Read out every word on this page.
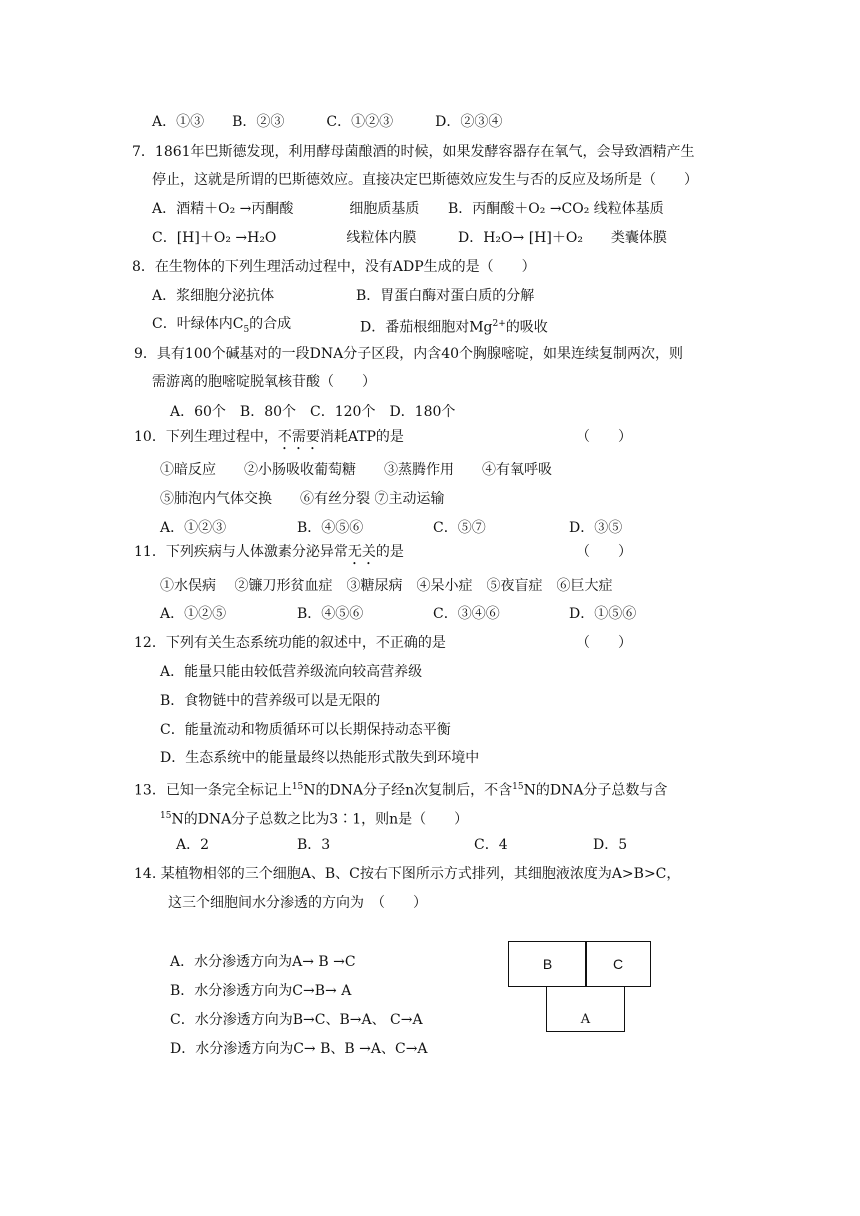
A．①③　　B．②③　　　C．①②③　　　D．②③④
7．1861年巴斯德发现，利用酵母菌酿酒的时候，如果发酵容器存在氧气，会导致酒精产生
停止，这就是所谓的巴斯德效应。直接决定巴斯德效应发生与否的反应及场所是（　　）
A．酒精＋O₂ →丙酮酸　　　　细胞质基质 B．丙酮酸＋O₂ →CO₂ 线粒体基质
C．[H]＋O₂ →H₂O　　　　　线粒体内膜	D．H₂O→ [H]＋O₂　　类囊体膜
8．在生物体的下列生理活动过程中，没有ADP生成的是（　　）
A．浆细胞分泌抗体	B．胃蛋白酶对蛋白质的分解
C．叶绿体内$C_5$的合成	D．番茄根细胞对$Mg^{2+}$的吸收
9．具有100个碱基对的一段DNA分子区段，内含40个胸腺嘧啶，如果连续复制两次，则
需游离的胞嘧啶脱氧核苷酸（　　）
A．60个　B．80个　C．120个　D．180个
10．下列生理过程中，不需要消耗ATP的是	（　　）
①暗反应　　②小肠吸收葡萄糖　　③蒸腾作用　　④有氧呼吸
⑤肺泡内气体交换　　⑥有丝分裂 ⑦主动运输
A．①②③	B．④⑤⑥	C．⑤⑦	D．③⑤
11．下列疾病与人体激素分泌异常无关的是	（　　）
①水俣病　 ②镰刀形贫血症　③糖尿病　④呆小症　⑤夜盲症　⑥巨大症
A．①②⑤	B．④⑤⑥	C．③④⑥	D．①⑤⑥
12．下列有关生态系统功能的叙述中，不正确的是	（　　）
A．能量只能由较低营养级流向较高营养级
B．食物链中的营养级可以是无限的
C．能量流动和物质循环可以长期保持动态平衡
D．生态系统中的能量最终以热能形式散失到环境中
13．已知一条完全标记上$^{15}$N的DNA分子经n次复制后，不含$^{15}$N的DNA分子总数与含
$^{15}$N的DNA分子总数之比为3∶1，则n是（　　）
A．2	B．3	C．4	D．5
14. 某植物相邻的三个细胞A、B、C按右下图所示方式排列，其细胞液浓度为A>B>C，
这三个细胞间水分渗透的方向为　（　　）
A．水分渗透方向为A→ B →C
B．水分渗透方向为C→B→ A
C．水分渗透方向为B→C、B→A、 C→A
D．水分渗透方向为C→ B、B →A、C→A
B	C
A
